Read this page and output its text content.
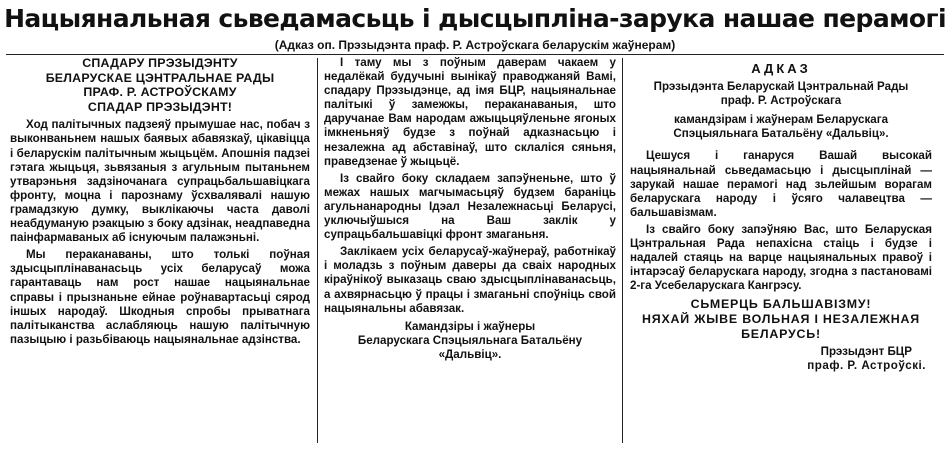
Нацыянальная сьведамасьць і дысцыпліна-зарука нашае перамогі
(Адказ оп. Прэзыдэнта праф. Р. Астроўскага беларускім жаўнерам)
СПАДАРУ ПРЭЗЫДЭНТУ
БЕЛАРУСКАЕ ЦЭНТРАЛЬНАЕ РАДЫ
ПРАФ. Р. АСТРОЎСКАМУ
СПАДАР ПРЭЗЫДЭНТ!

Ход палітычных падзеяў прымушае нас, побач з выконваньнем нашых баявых абавязкаў, цікавіцца і беларускім палітычным жыцьцём. Апошнія падзеі гэтага жыцьця, зьвязаныя з агульным пытаньнем утварэньня задзіночанага супрацьбальшавіцкага фронту, моцна і парознаму ўсхвалявалі нашую грамадзкую думку, выклікаючы часта даволі неабдуманую рэакцыю з боку адзінак, неадпаведна паінфармаваных аб існуючым палажэньні.

Мы пераканаваны, што толькі поўная здысцыплінаванасьць усіх беларусаў можа гарантаваць нам рост нашае нацыянальнае справы і прызнаньне ейнае роўнавартасьці сярод іншых народаў. Шкодныя спробы прыватнага палітыканства аслабляюць нашую палітычную пазыцыю і разьбіваюць нацыянальнае адзінства.

І таму мы з поўным даверам чакаем у недалёкай будучыні вынікаў праводжаняй Вамі, спадару Прэзыдэнце, ад імя БЦР, нацыянальнае палітыкі ў замежжы, пераканаваныя, што даручанае Вам народам ажыцьцяўленьне ягоных імкненьняў будзе з поўнай адказнасьцю і незалежна ад абставінаў, што склаліся сяньня, праведзенае ў жыцьцё.

Із свайго боку складаем запэўненьне, што ў межах нашых магчымасьцяў будзем бараніць агульнанародны Ідэал Незалежнасьці Беларусі, уключыўшыся на Ваш заклік у супрацьбальшавіцкі фронт змаганьня.

Заклікаем усіх беларусаў-жаўнераў, работнікаў і моладзь з поўным даверы да сваіх народных кіраўнікоў выказаць сваю здысцыплінаванасьць, а ахвярнасьцю ў працы і змаганьні споўніць свой нацыянальны абавязак.

Камандзіры і жаўнеры
Беларускага Спэцыяльнага Батальёну
«Дальвіц».
АДКАЗ
Прэзыдэнта Беларускай Цэнтральнай Рады
праф. Р. Астроўскага
камандзірам і жаўнерам Беларускага Спэцыяльнага Батальёну «Дальвіц».

Цешуся і ганаруся Вашай высокай нацыянальнай сьведамасьцю і дысцыплінай — зарукай нашае перамогі над зьлейшым ворагам беларускага народу і ўсяго чалавецтва — бальшавізмам.

Із свайго боку запэўняю Вас, што Беларуская Цэнтральная Рада непахісна стаіць і будзе і надалей стаяць на варце нацыянальных правоў і інтарэсаў беларускага народу, згодна з пастановамі 2-га Усебеларускага Кангрэсу.

СЬМЕРЦЬ БАЛЬШАВІЗМУ!
НЯХАЙ ЖЫВЕ ВОЛЬНАЯ І НЕЗАЛЕЖНАЯ БЕЛАРУСЬ!
Прэзыдэнт БЦР
праф. Р. Астроўскі.
